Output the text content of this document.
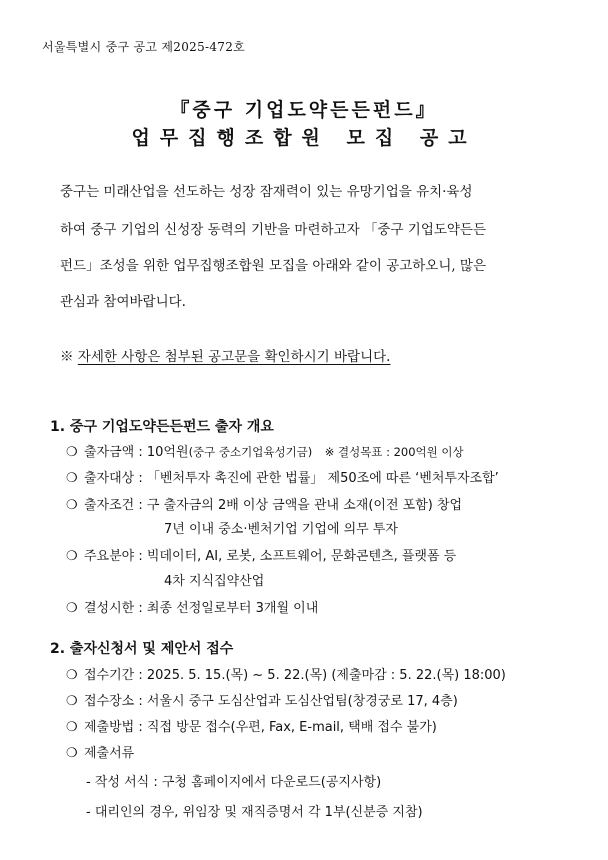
서울특별시 중구 공고 제2025-472호
『중구 기업도약든든펀드』
업무집행조합원 모집 공고
중구는 미래산업을 선도하는 성장 잠재력이 있는 유망기업을 유치·육성
하여 중구 기업의 신성장 동력의 기반을 마련하고자 「중구 기업도약든든
펀드」조성을 위한 업무집행조합원 모집을 아래와 같이 공고하오니, 많은
관심과 참여바랍니다.
※ 자세한 사항은 첨부된 공고문을 확인하시기 바랍니다.
1. 중구 기업도약든든펀드 출자 개요
❍ 출자금액 : 10억원(중구 중소기업육성기금) ※ 결성목표 : 200억원 이상
❍ 출자대상 : 「벤처투자 촉진에 관한 법률」 제50조에 따른 ‘벤처투자조합’
❍ 출자조건 : 구 출자금의 2배 이상 금액을 관내 소재(이전 포함) 창업
7년 이내 중소·벤처기업 기업에 의무 투자
❍ 주요분야 : 빅데이터, AI, 로봇, 소프트웨어, 문화콘텐츠, 플랫폼 등
4차 지식집약산업
❍ 결성시한 : 최종 선정일로부터 3개월 이내
2. 출자신청서 및 제안서 접수
❍ 접수기간 : 2025. 5. 15.(목) ~ 5. 22.(목) (제출마감 : 5. 22.(목) 18:00)
❍ 접수장소 : 서울시 중구 도심산업과 도심산업팀(창경궁로 17, 4층)
❍ 제출방법 : 직접 방문 접수(우편, Fax, E-mail, 택배 접수 불가)
❍ 제출서류
- 작성 서식 : 구청 홈페이지에서 다운로드(공지사항)
- 대리인의 경우, 위임장 및 재직증명서 각 1부(신분증 지참)
